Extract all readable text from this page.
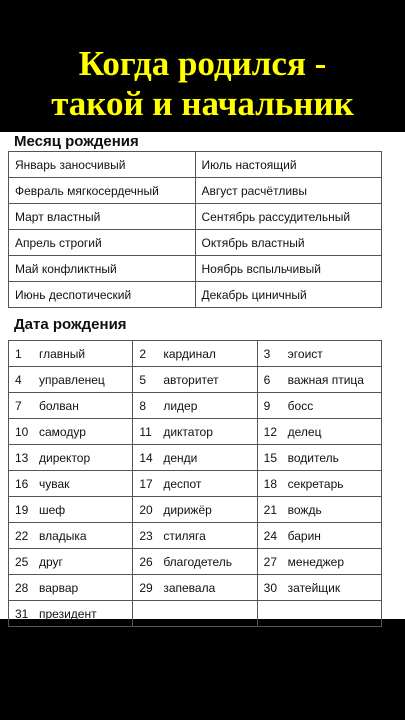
Когда родился -
такой и начальник
Месяц рождения
Январь заносчивый	Июль настоящий
Февраль мягкосердечный	Август расчётливы
Март властный	Сентябрь рассудительный
Апрель строгий	Октябрь властный
Май конфликтный	Ноябрь вспыльчивый
Июнь деспотический	Декабрь циничный
Дата рождения
1 главный	2 кардинал	3 эгоист
4 управленец	5 авторитет	6 важная птица
7 болван	8 лидер	9 босс
10 самодур	11 диктатор	12 делец
13 директор	14 денди	15 водитель
16 чувак	17 деспот	18 секретарь
19 шеф	20 дирижёр	21 вождь
22 владыка	23 стиляга	24 барин
25 друг	26 благодетель	27 менеджер
28 варвар	29 запевала	30 затейщик
31 президент		
